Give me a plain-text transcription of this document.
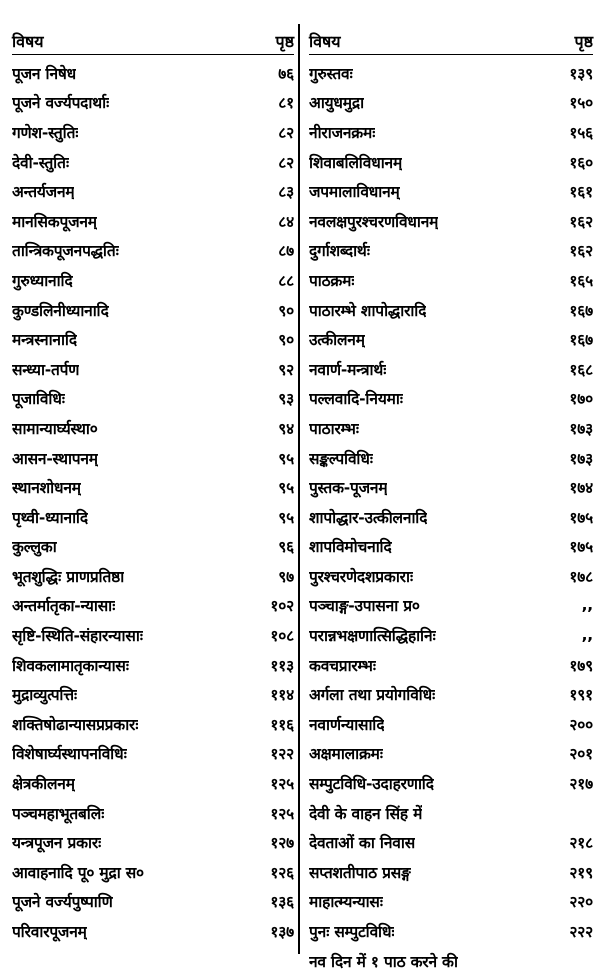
विषय	पृष्ठ
पूजन निषेध	७६
पूजने वर्ज्यपदार्थाः	८१
गणेश-स्तुतिः	८२
देवी-स्तुतिः	८२
अन्तर्यजनम्	८३
मानसिकपूजनम्	८४
तान्त्रिकपूजनपद्धतिः	८७
गुरुध्यानादि	८८
कुण्डलिनीध्यानादि	९०
मन्त्रस्नानादि	९०
सन्ध्या-तर्पण	९२
पूजाविधिः	९३
सामान्यार्घ्यस्था०	९४
आसन-स्थापनम्	९५
स्थानशोधनम्	९५
पृथ्वी-ध्यानादि	९५
कुल्लुका	९६
भूतशुद्धिः प्राणप्रतिष्ठा	९७
अन्तर्मातृका-न्यासाः	१०२
सृष्टि-स्थिति-संहारन्यासाः	१०८
शिवकलामातृकान्यासः	११३
मुद्राव्युत्पत्तिः	११४
शक्तिषोढान्यासप्रप्रकारः	११६
विशेषार्घ्यस्थापनविधिः	१२२
क्षेत्रकीलनम्	१२५
पञ्चमहाभूतबलिः	१२५
यन्त्रपूजन प्रकारः	१२७
आवाहनादि पू० मुद्रा स०	१२६
पूजने वर्ज्यपुष्पाणि	१३६
परिवारपूजनम्	१३७
विषय	पृष्ठ
गुरुस्तवः	१३९
आयुधमुद्रा	१५०
नीराजनक्रमः	१५६
शिवाबलिविधानम्	१६०
जपमालाविधानम्	१६१
नवलक्षपुरश्चरणविधानम्	१६२
दुर्गाशब्दार्थः	१६२
पाठक्रमः	१६५
पाठारम्भे शापोद्धारादि	१६७
उत्कीलनम्	१६७
नवार्ण-मन्त्रार्थः	१६८
पल्लवादि-नियमाः	१७०
पाठारम्भः	१७३
सङ्कल्पविधिः	१७३
पुस्तक-पूजनम्	१७४
शापोद्धार-उत्कीलनादि	१७५
शापविमोचनादि	१७५
पुरश्चरणेदशप्रकाराः	१७८
पञ्चाङ्ग-उपासना प्र०	,,
परान्नभक्षणात्सिद्धिहानिः	,,
कवचप्रारम्भः	१७९
अर्गला तथा प्रयोगविधिः	१९१
नवार्णन्यासादि	२००
अक्षमालाक्रमः	२०१
सम्पुटविधि-उदाहरणादि	२१७
देवी के वाहन सिंह में
देवताओं का निवास	२१८
सप्तशतीपाठ प्रसङ्ग	२१९
माहात्म्यन्यासः	२२०
पुनः सम्पुटविधिः	२२२
नव दिन में १ पाठ करने की
